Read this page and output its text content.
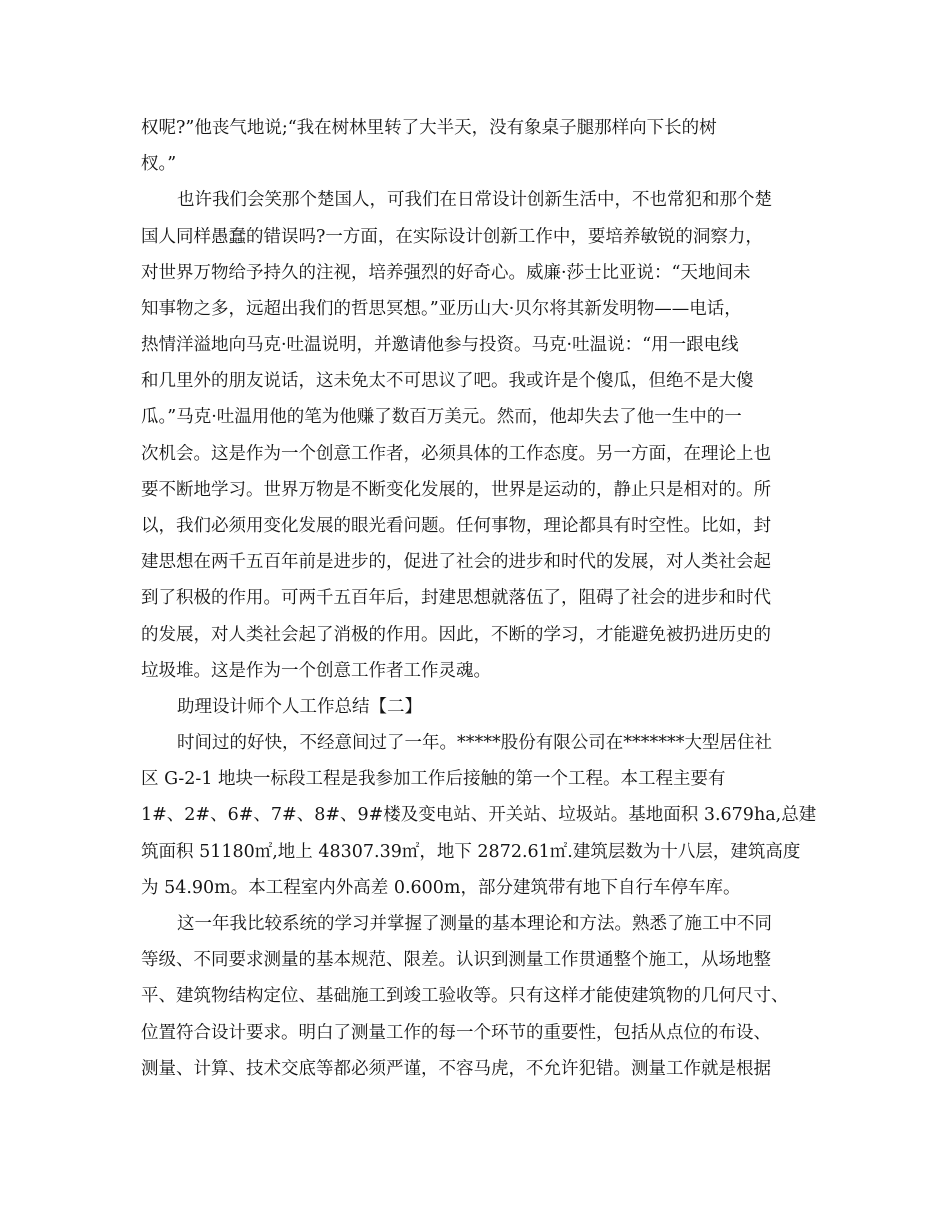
权呢?”他丧气地说;“我在树林里转了大半天，没有象桌子腿那样向下长的树

杈。”

也许我们会笑那个楚国人，可我们在日常设计创新生活中，不也常犯和那个楚

国人同样愚蠢的错误吗?一方面，在实际设计创新工作中，要培养敏锐的洞察力，

对世界万物给予持久的注视，培养强烈的好奇心。威廉·莎士比亚说：“天地间未

知事物之多，远超出我们的哲思冥想。”亚历山大·贝尔将其新发明物——电话，

热情洋溢地向马克·吐温说明，并邀请他参与投资。马克·吐温说：“用一跟电线

和几里外的朋友说话，这未免太不可思议了吧。我或许是个傻瓜，但绝不是大傻

瓜。”马克·吐温用他的笔为他赚了数百万美元。然而，他却失去了他一生中的一

次机会。这是作为一个创意工作者，必须具体的工作态度。另一方面，在理论上也

要不断地学习。世界万物是不断变化发展的，世界是运动的，静止只是相对的。所

以，我们必须用变化发展的眼光看问题。任何事物，理论都具有时空性。比如，封

建思想在两千五百年前是进步的，促进了社会的进步和时代的发展，对人类社会起

到了积极的作用。可两千五百年后，封建思想就落伍了，阻碍了社会的进步和时代

的发展，对人类社会起了消极的作用。因此，不断的学习，才能避免被扔进历史的

垃圾堆。这是作为一个创意工作者工作灵魂。

助理设计师个人工作总结【二】

时间过的好快，不经意间过了一年。*****股份有限公司在*******大型居住社

区 G-2-1 地块一标段工程是我参加工作后接触的第一个工程。本工程主要有

1#、2#、6#、7#、8#、9#楼及变电站、开关站、垃圾站。基地面积 3.679ha,总建

筑面积 51180㎡,地上 48307.39㎡，地下 2872.61㎡.建筑层数为十八层，建筑高度

为 54.90m。本工程室内外高差 0.600m，部分建筑带有地下自行车停车库。

这一年我比较系统的学习并掌握了测量的基本理论和方法。熟悉了施工中不同

等级、不同要求测量的基本规范、限差。认识到测量工作贯通整个施工，从场地整

平、建筑物结构定位、基础施工到竣工验收等。只有这样才能使建筑物的几何尺寸、

位置符合设计要求。明白了测量工作的每一个环节的重要性，包括从点位的布设、

测量、计算、技术交底等都必须严谨，不容马虎，不允许犯错。测量工作就是根据
